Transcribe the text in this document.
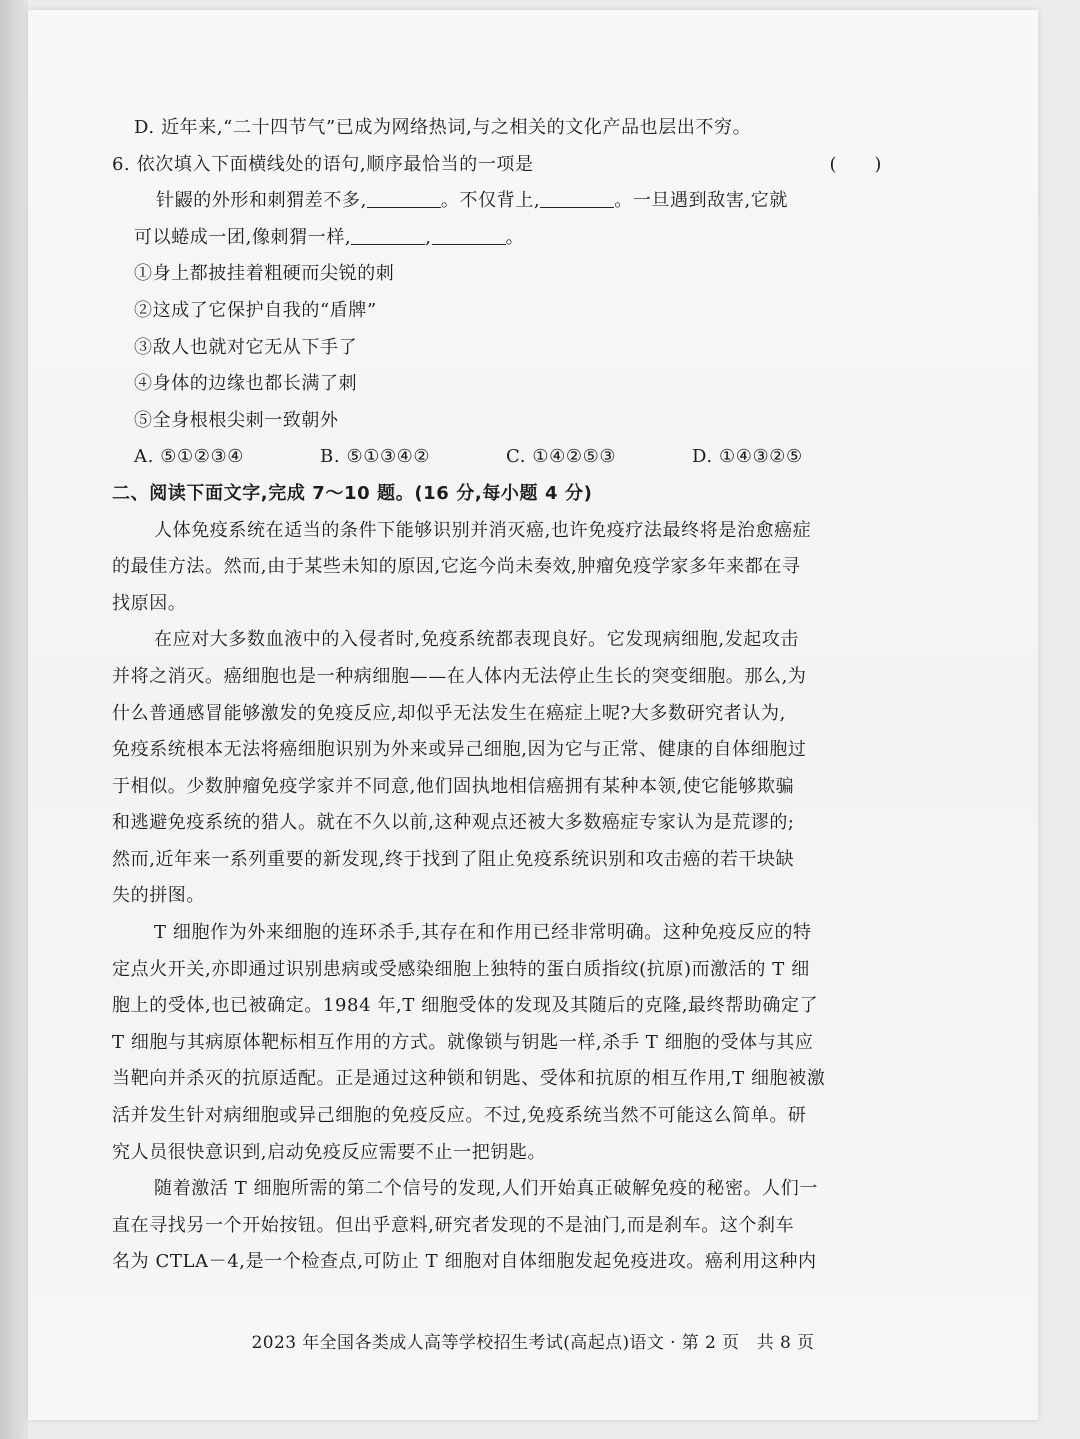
2023 年全国各类成人高等学校招生考试(高起点)语文 · 第 2 页　共 8 页
D. 近年来,“二十四节气”已成为网络热词,与之相关的文化产品也层出不穷。
6. 依次填入下面横线处的语句,顺序最恰当的一项是	(　　)
针鼹的外形和刺猬差不多,	。不仅背上,	。一旦遇到敌害,它就
可以蜷成一团,像刺猬一样,	,	。
①身上都披挂着粗硬而尖锐的刺
②这成了它保护自我的“盾牌”
③敌人也就对它无从下手了
④身体的边缘也都长满了刺
⑤全身根根尖刺一致朝外
A. ⑤①②③④	B. ⑤①③④②	C. ①④②⑤③	D. ①④③②⑤
二、阅读下面文字,完成 7～10 题。(16 分,每小题 4 分)
人体免疫系统在适当的条件下能够识别并消灭癌,也许免疫疗法最终将是治愈癌症
的最佳方法。然而,由于某些未知的原因,它迄今尚未奏效,肿瘤免疫学家多年来都在寻
找原因。
在应对大多数血液中的入侵者时,免疫系统都表现良好。它发现病细胞,发起攻击
并将之消灭。癌细胞也是一种病细胞——在人体内无法停止生长的突变细胞。那么,为
什么普通感冒能够激发的免疫反应,却似乎无法发生在癌症上呢?大多数研究者认为,
免疫系统根本无法将癌细胞识别为外来或异己细胞,因为它与正常、健康的自体细胞过
于相似。少数肿瘤免疫学家并不同意,他们固执地相信癌拥有某种本领,使它能够欺骗
和逃避免疫系统的猎人。就在不久以前,这种观点还被大多数癌症专家认为是荒谬的;
然而,近年来一系列重要的新发现,终于找到了阻止免疫系统识别和攻击癌的若干块缺
失的拼图。
T 细胞作为外来细胞的连环杀手,其存在和作用已经非常明确。这种免疫反应的特
定点火开关,亦即通过识别患病或受感染细胞上独特的蛋白质指纹(抗原)而激活的 T 细
胞上的受体,也已被确定。1984 年,T 细胞受体的发现及其随后的克隆,最终帮助确定了
T 细胞与其病原体靶标相互作用的方式。就像锁与钥匙一样,杀手 T 细胞的受体与其应
当靶向并杀灭的抗原适配。正是通过这种锁和钥匙、受体和抗原的相互作用,T 细胞被激
活并发生针对病细胞或异己细胞的免疫反应。不过,免疫系统当然不可能这么简单。研
究人员很快意识到,启动免疫反应需要不止一把钥匙。
随着激活 T 细胞所需的第二个信号的发现,人们开始真正破解免疫的秘密。人们一
直在寻找另一个开始按钮。但出乎意料,研究者发现的不是油门,而是刹车。这个刹车
名为 CTLA－4,是一个检查点,可防止 T 细胞对自体细胞发起免疫进攻。癌利用这种内
